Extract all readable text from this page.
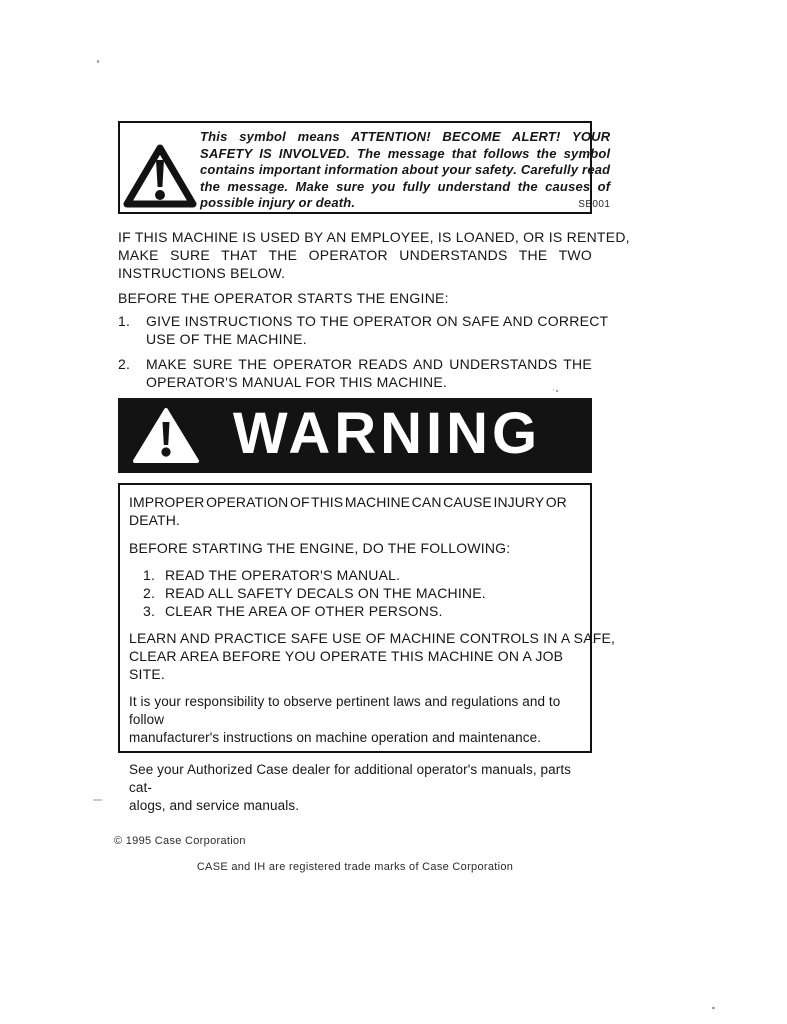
This symbol means ATTENTION! BECOME ALERT! YOUR
SAFETY IS INVOLVED. The message that follows the symbol
contains important information about your safety. Carefully read
the message. Make sure you fully understand the causes of
possible injury or death.	SB001
IF THIS MACHINE IS USED BY AN EMPLOYEE, IS LOANED, OR IS RENTED,
MAKE SURE THAT THE OPERATOR UNDERSTANDS THE TWO
INSTRUCTIONS BELOW.
BEFORE THE OPERATOR STARTS THE ENGINE:
1.	GIVE INSTRUCTIONS TO THE OPERATOR ON SAFE AND CORRECT
USE OF THE MACHINE.
2.	MAKE SURE THE OPERATOR READS AND UNDERSTANDS THE
OPERATOR'S MANUAL FOR THIS MACHINE.
WARNING

IMPROPER OPERATION OF THIS MACHINE CAN CAUSE INJURY OR DEATH.

BEFORE STARTING THE ENGINE, DO THE FOLLOWING:

1. READ THE OPERATOR'S MANUAL.
2. READ ALL SAFETY DECALS ON THE MACHINE.
3. CLEAR THE AREA OF OTHER PERSONS.

LEARN AND PRACTICE SAFE USE OF MACHINE CONTROLS IN A SAFE,
CLEAR AREA BEFORE YOU OPERATE THIS MACHINE ON A JOB SITE.

It is your responsibility to observe pertinent laws and regulations and to follow
manufacturer's instructions on machine operation and maintenance.

See your Authorized Case dealer for additional operator's manuals, parts cat-
alogs, and service manuals.

© 1995 Case Corporation
CASE and IH are registered trade marks of Case Corporation
